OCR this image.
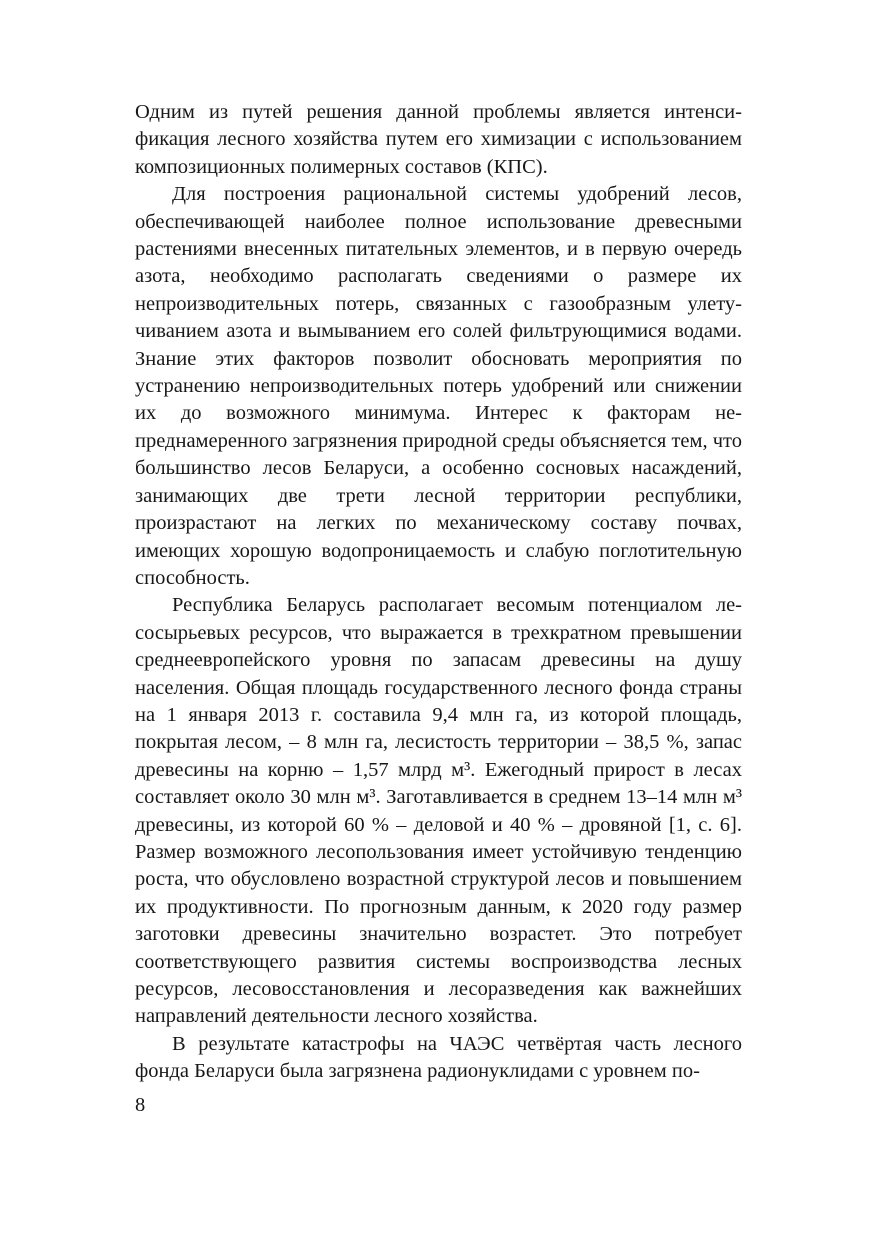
Одним из путей решения данной проблемы является интенсификация лесного хозяйства путем его химизации с использованием композиционных полимерных составов (КПС).

Для построения рациональной системы удобрений лесов, обеспечивающей наиболее полное использование древесными растениями внесенных питательных элементов, и в первую очередь азота, необходимо располагать сведениями о размере их непроизводительных потерь, связанных с газообразным улетучиванием азота и вымыванием его солей фильтрующимися водами. Знание этих факторов позволит обосновать мероприятия по устранению непроизводительных потерь удобрений или снижении их до возможного минимума. Интерес к факторам непреднамеренного загрязнения природной среды объясняется тем, что большинство лесов Беларуси, а особенно сосновых насаждений, занимающих две трети лесной территории республики, произрастают на легких по механическому составу почвах, имеющих хорошую водопроницаемость и слабую поглотительную способность.

Республика Беларусь располагает весомым потенциалом лесосырьевых ресурсов, что выражается в трехкратном превышении среднеевропейского уровня по запасам древесины на душу населения. Общая площадь государственного лесного фонда страны на 1 января 2013 г. составила 9,4 млн га, из которой площадь, покрытая лесом, – 8 млн га, лесистость территории – 38,5 %, запас древесины на корню – 1,57 млрд м³. Ежегодный прирост в лесах составляет около 30 млн м³. Заготавливается в среднем 13–14 млн м³ древесины, из которой 60 % – деловой и 40 % – дровяной [1, с. 6]. Размер возможного лесопользования имеет устойчивую тенденцию роста, что обусловлено возрастной структурой лесов и повышением их продуктивности. По прогнозным данным, к 2020 году размер заготовки древесины значительно возрастет. Это потребует соответствующего развития системы воспроизводства лесных ресурсов, лесовосстановления и лесоразведения как важнейших направлений деятельности лесного хозяйства.

В результате катастрофы на ЧАЭС четвёртая часть лесного фонда Беларуси была загрязнена радионуклидами с уровнем по-

8
